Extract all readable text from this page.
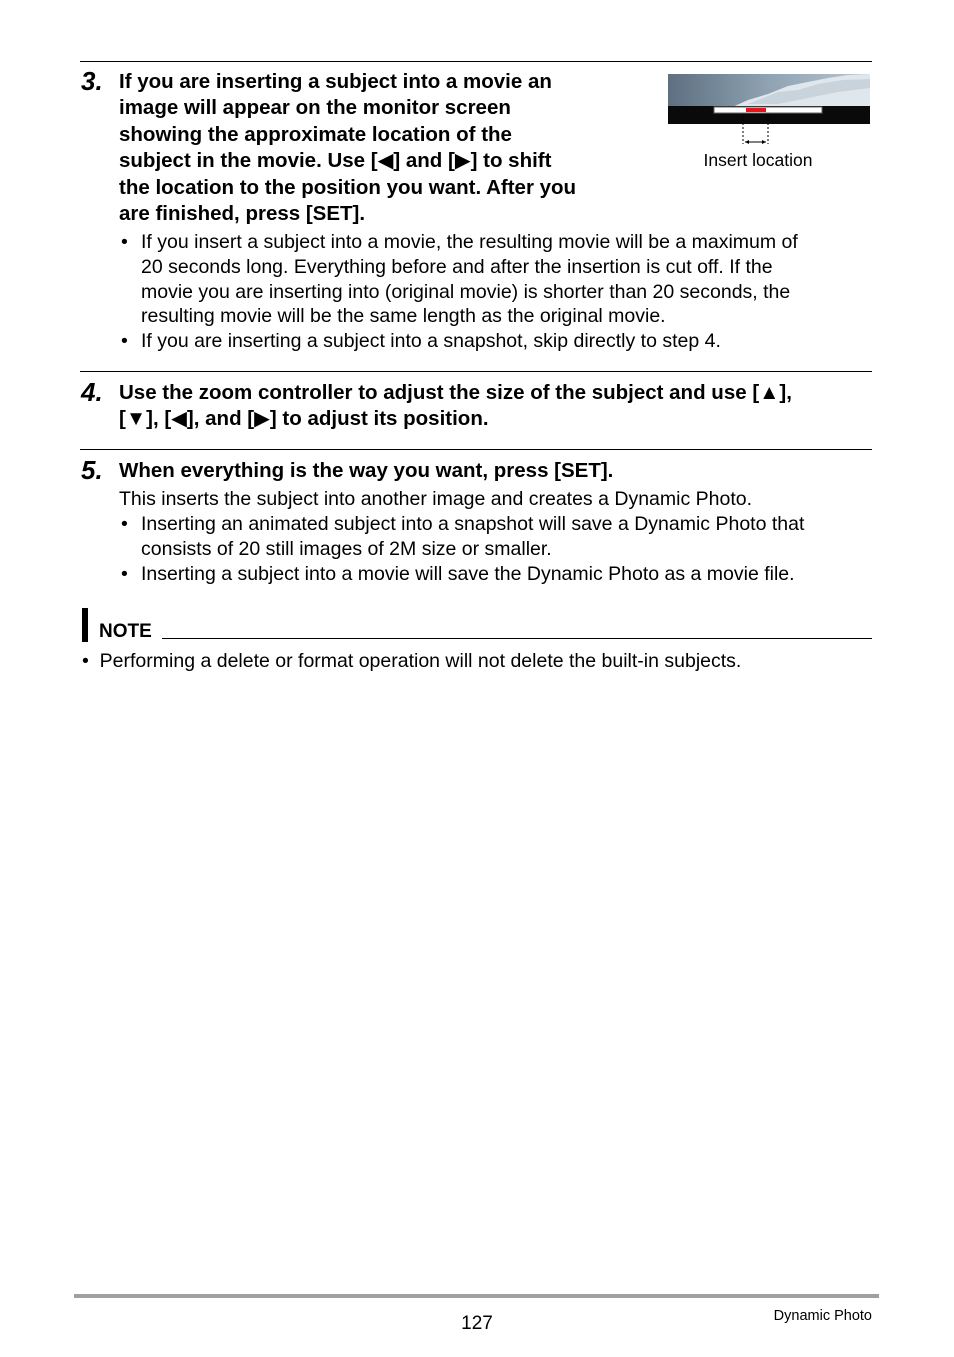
3. If you are inserting a subject into a movie an
image will appear on the monitor screen
showing the approximate location of the
subject in the movie. Use [◀] and [▶] to shift
the location to the position you want. After you
are finished, press [SET].
Insert location
• If you insert a subject into a movie, the resulting movie will be a maximum of
20 seconds long. Everything before and after the insertion is cut off. If the
movie you are inserting into (original movie) is shorter than 20 seconds, the
resulting movie will be the same length as the original movie.
• If you are inserting a subject into a snapshot, skip directly to step 4.
4. Use the zoom controller to adjust the size of the subject and use [▲],
[▼], [◀], and [▶] to adjust its position.
5. When everything is the way you want, press [SET].
This inserts the subject into another image and creates a Dynamic Photo.
• Inserting an animated subject into a snapshot will save a Dynamic Photo that
consists of 20 still images of 2M size or smaller.
• Inserting a subject into a movie will save the Dynamic Photo as a movie file.
NOTE
• Performing a delete or format operation will not delete the built-in subjects.
127	Dynamic Photo
